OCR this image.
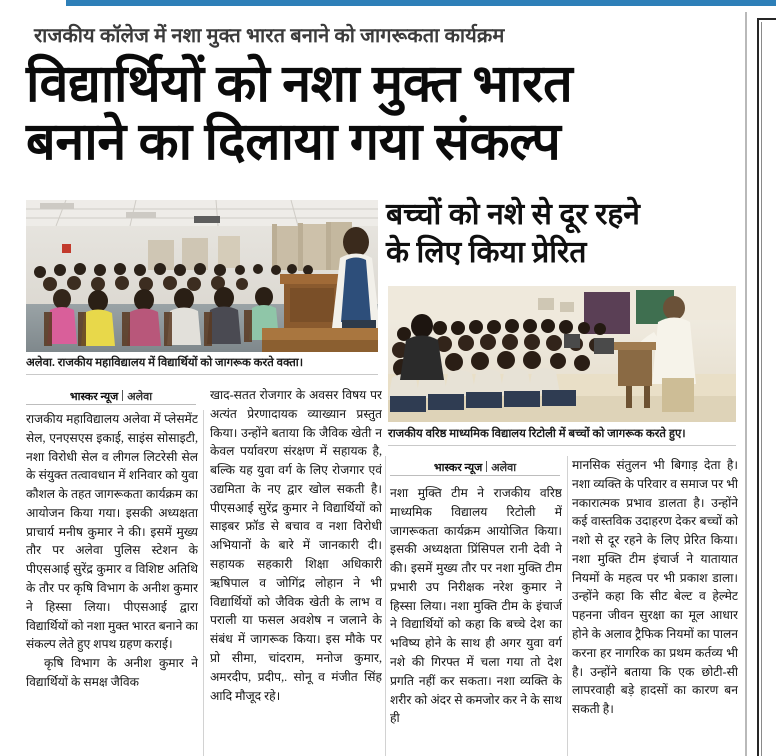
राजकीय कॉलेज में नशा मुक्त भारत बनाने को जागरूकता कार्यक्रम
विद्यार्थियों को नशा मुक्त भारत
बनाने का दिलाया गया संकल्प
बच्चों को नशे से दूर रहने
के लिए किया प्रेरित
अलेवा. राजकीय महाविद्यालय में विद्यार्थियों को जागरूक करते वक्ता।
राजकीय वरिष्ठ माध्यमिक विद्यालय रिटोली में बच्चों को जागरूक करते हुए।
भास्कर न्यूज अलेवा
भास्कर न्यूज अलेवा

राजकीय महाविद्यालय अलेवा में प्लेसमेंट सेल, एनएसएस इकाई, साइंस सोसाइटी, नशा विरोधी सेल व लीगल लिटरेसी सेल के संयुक्त तत्वावधान में शनिवार को युवा कौशल के तहत जागरूकता कार्यक्रम का आयोजन किया गया। इसकी अध्यक्षता प्राचार्य मनीष कुमार ने की। इसमें मुख्य तौर पर अलेवा पुलिस स्टेशन के पीएसआई सुरेंद्र कुमार व विशिष्ट अतिथि के तौर पर कृषि विभाग के अनीश कुमार ने हिस्सा लिया। पीएसआई द्वारा विद्यार्थियों को नशा मुक्त भारत बनाने का संकल्प लेते हुए शपथ ग्रहण कराई।

कृषि विभाग के अनीश कुमार ने विद्यार्थियों के समक्ष जैविक

खाद-सतत रोजगार के अवसर विषय पर अत्यंत प्रेरणादायक व्याख्यान प्रस्तुत किया। उन्होंने बताया कि जैविक खेती न केवल पर्यावरण संरक्षण में सहायक है, बल्कि यह युवा वर्ग के लिए रोजगार एवं उद्यमिता के नए द्वार खोल सकती है। पीएसआई सुरेंद्र कुमार ने विद्यार्थियों को साइबर फ्रॉड से बचाव व नशा विरोधी अभियानों के बारे में जानकारी दी। सहायक सहकारी शिक्षा अधिकारी ऋषिपाल व जोगिंद्र लोहान ने भी विद्यार्थियों को जैविक खेती के लाभ व पराली या फसल अवशेष न जलाने के संबंध में जागरूक किया। इस मौके पर प्रो सीमा, चांदराम, मनोज कुमार, अमरदीप, प्रदीप,. सोनू व मंजीत सिंह आदि मौजूद रहे।

नशा मुक्ति टीम ने राजकीय वरिष्ठ माध्यमिक विद्यालय रिटोली में जागरूकता कार्यक्रम आयोजित किया। इसकी अध्यक्षता प्रिंसिपल रानी देवी ने की। इसमें मुख्य तौर पर नशा मुक्ति टीम प्रभारी उप निरीक्षक नरेश कुमार ने हिस्सा लिया। नशा मुक्ति टीम के इंचार्ज ने विद्यार्थियों को कहा कि बच्चे देश का भविष्य होने के साथ ही अगर युवा वर्ग नशे की गिरफ्त में चला गया तो देश प्रगति नहीं कर सकता। नशा व्यक्ति के शरीर को अंदर से कमजोर कर ने के साथ ही

मानसिक संतुलन भी बिगाड़ देता है। नशा व्यक्ति के परिवार व समाज पर भी नकारात्मक प्रभाव डालता है। उन्होंने कई वास्तविक उदाहरण देकर बच्चों को नशो से दूर रहने के लिए प्रेरित किया। नशा मुक्ति टीम इंचार्ज ने यातायात नियमों के महत्व पर भी प्रकाश डाला। उन्होंने कहा कि सीट बेल्ट व हेल्मेट पहनना जीवन सुरक्षा का मूल आधार होने के अलाव ट्रैफिक नियमों का पालन करना हर नागरिक का प्रथम कर्तव्य भी है। उन्होंने बताया कि एक छोटी-सी लापरवाही बड़े हादसों का कारण बन सकती है।
